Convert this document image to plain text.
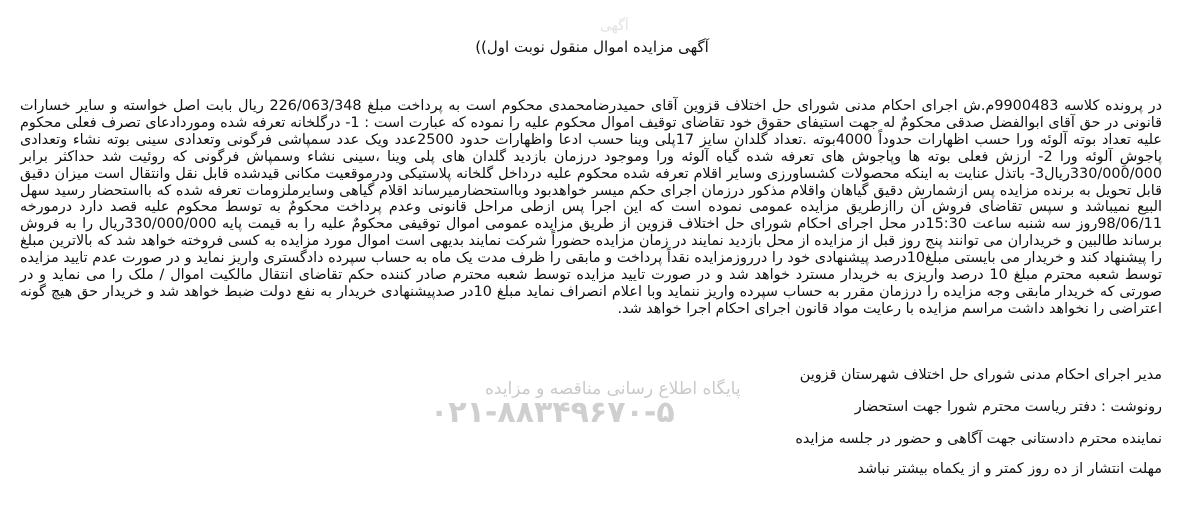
آگهی
آگهی مزایده اموال منقول نوبت اول))

در پرونده کلاسه 9900483م.ش اجرای احکام مدنی شورای حل اختلاف قزوین آقای حمیدرضامحمدی محکوم است به پرداخت مبلغ 226/063/348 ریال بابت اصل خواسته و سایر خسارات قانونی در حق آقای ابوالفضل صدقی محکومٌ له جهت استیفای حقوق خود تقاضای توقیف اموال محکوم علیه را نموده که عبارت است : 1- درگلخانه تعرفه شده وموردادعای تصرف فعلی محکوم علیه تعداد بوته آلوئه ورا حسب اظهارات حدوداً 4000بوته .تعداد گلدان سایز 17پلی وینا حسب ادعا واظهارات حدود 2500عدد ویک عدد سمپاشی فرگونی وتعدادی سینی بوته نشاء وتعدادی پاجوشِ آلوئه ورا 2- ارزش فعلی بوته ها وپاجوش های تعرفه شده گیاه آلوئه ورا وموجود درزمان بازدید گلدان های پلی وینا ،سینی نشاء وسمپاش فرگونی که روئیت شد حداکثر برابر 330/000/000ریال3- باتذل عنایت به اینکه محصولات کشساورزی وسایر اقلام تعرفه شده محکوم علیه درداخل گلخانه پلاستیکی ودرموقعیت مکانی قیدشده قابل نقل وانتقال است میزان دقیق قابل تحویل به برنده مزایده پس ازشمارش دقیق گیاهان واقلام مذکور درزمان اجرای حکم میسر خواهدبود وبااستحضارمیرساند اقلام گیاهی وسایرملزومات تعرفه شده که بااستحضار رسید سهل البیع نمیباشد و سپس تقاضای فروش آن راازطریق مزایده عمومی نموده است که این اجرا پس ازطی مراحل قانونی وعدم پرداخت محکومٌ به توسط محکوم علیه قصد دارد درمورخه 98/06/11روز سه شنبه ساعت 15:30در محل اجرای احکام شورای حل اختلاف قزوین از طریق مزایده عمومی اموال توقیفی محکومٌ علیه را به قیمت پایه 330/000/000ریال را به فروش برساند طالبین و خریداران می توانند پنج روز قبل از مزایده از محل بازدید نمایند در زمان مزایده حضوراً شرکت نمایند بدیهی است اموال مورد مزایده به کسی فروخته خواهد شد که بالاترین مبلغ را پیشنهاد کند و خریدار می بایستی مبلغ10درصد پیشنهادی خود را درروزمزایده نقداً پرداخت و مابقی را ظرف مدت یک ماه به حساب سپرده دادگستری واریز نماید و در صورت عدم تایید مزایده توسط شعبه محترم مبلغ 10 درصد واریزی به خریدار مسترد خواهد شد و در صورت تایید مزایده توسط شعبه محترم صادر کننده حکم تقاضای انتقال مالکیت اموال / ملک را می نماید و در صورتی که خریدار مابقی وجه مزایده را درزمان مقرر به حساب سپرده واریز ننماید وبا اعلام انصراف نماید مبلغ 10در صدپیشنهادی خریدار به نفع دولت ضبط خواهد شد و خریدار حق هیچ گونه اعتراضی را نخواهد داشت مراسم مزایده با رعایت مواد قانون اجرای احکام اجرا خواهد شد.

پایگاه اطلاع رسانی مناقصه و مزایده
۰۲۱-۸۸۳۴۹۶۷۰-۵
مدیر اجرای احکام مدنی شورای حل اختلاف شهرستان قزوین
رونوشت : دفتر ریاست محترم شورا جهت استحضار
نماینده محترم دادستانی جهت آگاهی و حضور در جلسه مزایده
مهلت انتشار از ده روز کمتر و از یکماه بیشتر نباشد
